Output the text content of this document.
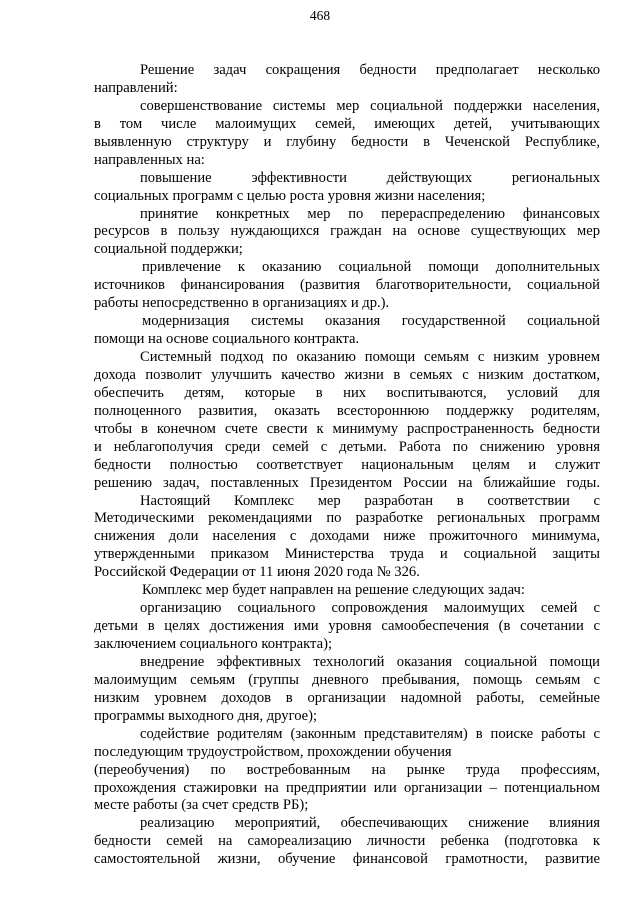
468
Решение задач сокращения бедности предполагает несколько
направлений:
совершенствование системы мер социальной поддержки населения,
в том числе малоимущих семей, имеющих детей, учитывающих
выявленную структуру и глубину бедности в Чеченской Республике,
направленных на:
повышение эффективности действующих региональных
социальных программ с целью роста уровня жизни населения;
принятие конкретных мер по перераспределению финансовых
ресурсов в пользу нуждающихся граждан на основе существующих мер
социальной поддержки;
привлечение к оказанию социальной помощи дополнительных
источников финансирования (развития благотворительности, социальной
работы непосредственно в организациях и др.).
модернизация системы оказания государственной социальной
помощи на основе социального контракта.
Системный подход по оказанию помощи семьям с низким уровнем
дохода позволит улучшить качество жизни в семьях с низким достатком,
обеспечить детям, которые в них воспитываются, условий для
полноценного развития, оказать всестороннюю поддержку родителям,
чтобы в конечном счете свести к минимуму распространенность бедности
и неблагополучия среди семей с детьми. Работа по снижению уровня
бедности полностью соответствует национальным целям и служит
решению задач, поставленных Президентом России на ближайшие годы.
Настоящий Комплекс мер разработан в соответствии с
Методическими рекомендациями по разработке региональных программ
снижения доли населения с доходами ниже прожиточного минимума,
утвержденными приказом Министерства труда и социальной защиты
Российской Федерации от 11 июня 2020 года № 326.
Комплекс мер будет направлен на решение следующих задач:
организацию социального сопровождения малоимущих семей с
детьми в целях достижения ими уровня самообеспечения (в сочетании с
заключением социального контракта);
внедрение эффективных технологий оказания социальной помощи
малоимущим семьям (группы дневного пребывания, помощь семьям с
низким уровнем доходов в организации надомной работы, семейные
программы выходного дня, другое);
содействие родителям (законным представителям) в поиске работы с
последующим трудоустройством, прохождении обучения
(переобучения) по востребованным на рынке труда профессиям,
прохождения стажировки на предприятии или организации – потенциальном
месте работы (за счет средств РБ);
реализацию мероприятий, обеспечивающих снижение влияния
бедности семей на самореализацию личности ребенка (подготовка к
самостоятельной жизни, обучение финансовой грамотности, развитие
